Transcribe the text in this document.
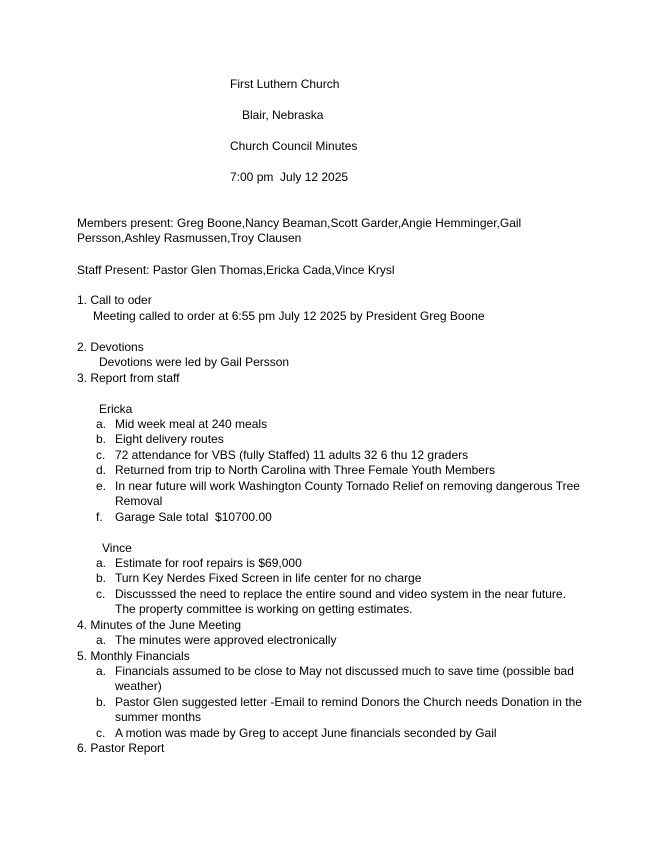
First Luthern Church
Blair, Nebraska
Church Council Minutes
7:00 pm  July 12 2025
Members present: Greg Boone,Nancy Beaman,Scott Garder,Angie Hemminger,Gail Persson,Ashley Rasmussen,Troy Clausen
Staff Present: Pastor Glen Thomas,Ericka Cada,Vince Krysl
1. Call to oder
Meeting called to order at 6:55 pm July 12 2025 by President Greg Boone
2. Devotions
Devotions were led by Gail Persson
3. Report from staff
Ericka
a. Mid week meal at 240 meals
b. Eight delivery routes
c. 72 attendance for VBS (fully Staffed) 11 adults 32 6 thu 12 graders
d. Returned from trip to North Carolina with Three Female Youth Members
e. In near future will work Washington County Tornado Relief on removing dangerous Tree Removal
f. Garage Sale total  $10700.00
Vince
a. Estimate for roof repairs is $69,000
b. Turn Key Nerdes Fixed Screen in life center for no charge
c. Discusssed the need to replace the entire sound and video system in the near future. The property committee is working on getting estimates.
4. Minutes of the June Meeting
a. The minutes were approved electronically
5. Monthly Financials
a. Financials assumed to be close to May not discussed much to save time (possible bad weather)
b. Pastor Glen suggested letter -Email to remind Donors the Church needs Donation in the summer months
c. A motion was made by Greg to accept June financials seconded by Gail
6. Pastor Report
